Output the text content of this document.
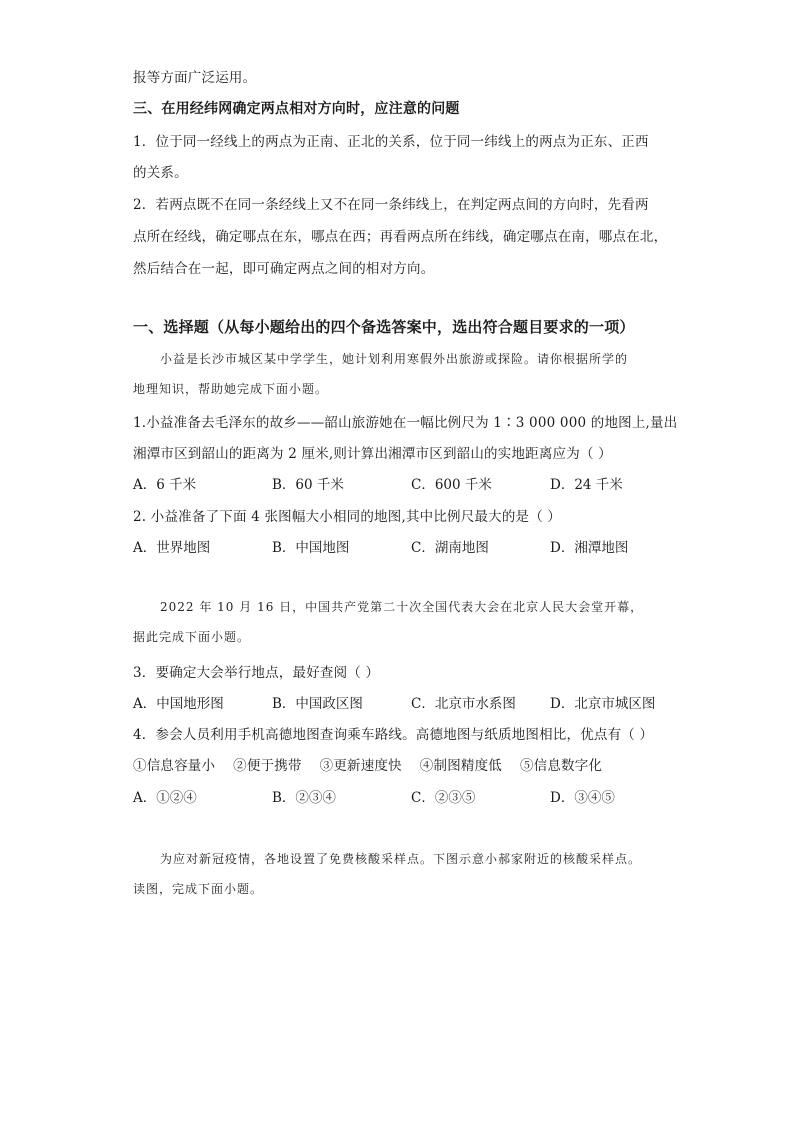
报等方面广泛运用。
三、在用经纬网确定两点相对方向时，应注意的问题
1．位于同一经线上的两点为正南、正北的关系，位于同一纬线上的两点为正东、正西
的关系。
2．若两点既不在同一条经线上又不在同一条纬线上，在判定两点间的方向时，先看两
点所在经线，确定哪点在东，哪点在西；再看两点所在纬线，确定哪点在南，哪点在北，
然后结合在一起，即可确定两点之间的相对方向。
一、选择题（从每小题给出的四个备选答案中，选出符合题目要求的一项）
小益是长沙市城区某中学学生，她计划利用寒假外出旅游或探险。请你根据所学的
地理知识，帮助她完成下面小题。
1.小益准备去毛泽东的故乡——韶山旅游她在一幅比例尺为 1∶3 000 000 的地图上,量出
湘潭市区到韶山的距离为 2 厘米,则计算出湘潭市区到韶山的实地距离应为（ ）
A．6 千米	B．60 千米	C．600 千米	D．24 千米
2. 小益准备了下面 4 张图幅大小相同的地图,其中比例尺最大的是（ ）
A．世界地图	B．中国地图	C．湖南地图	D．湘潭地图
2022 年 10 月 16 日，中国共产党第二十次全国代表大会在北京人民大会堂开幕，
据此完成下面小题。
3．要确定大会举行地点，最好查阅（ ）
A．中国地形图	B．中国政区图	C．北京市水系图	D．北京市城区图
4．参会人员利用手机高德地图查询乘车路线。高德地图与纸质地图相比，优点有（ ）
①信息容量小    ②便于携带    ③更新速度快    ④制图精度低    ⑤信息数字化
A．①②④	B．②③④	C．②③⑤	D．③④⑤
为应对新冠疫情，各地设置了免费核酸采样点。下图示意小郝家附近的核酸采样点。
读图，完成下面小题。
